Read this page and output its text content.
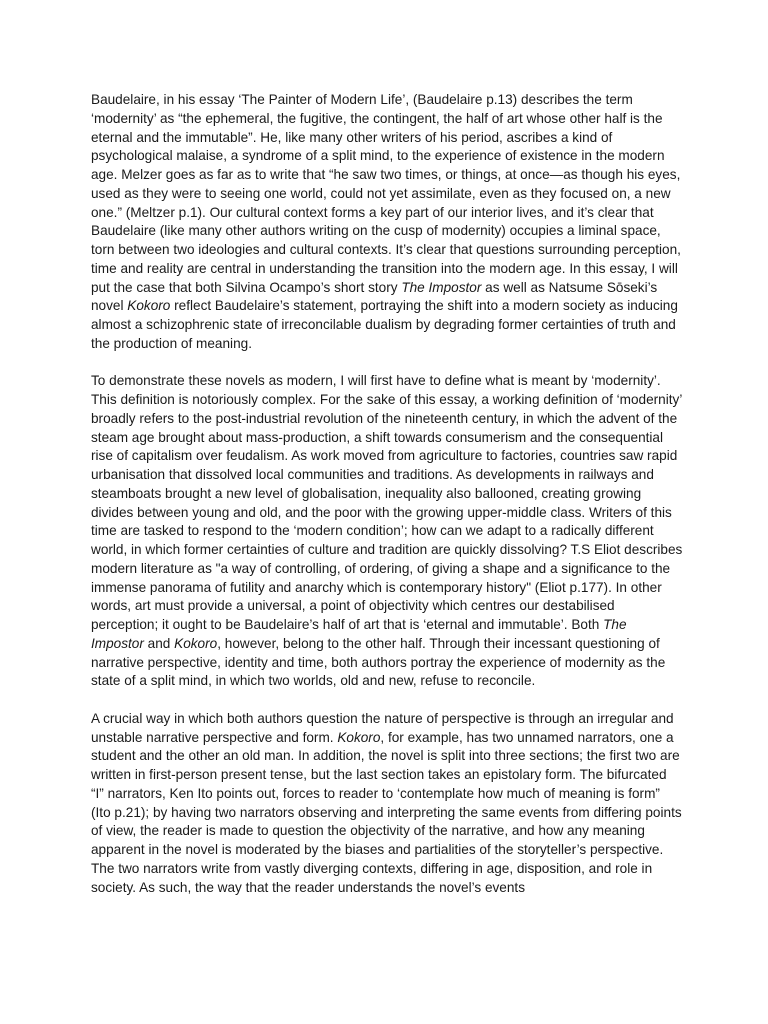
Baudelaire, in his essay ‘The Painter of Modern Life’, (Baudelaire p.13) describes the term ‘modernity’ as “the ephemeral, the fugitive, the contingent, the half of art whose other half is the eternal and the immutable”. He, like many other writers of his period, ascribes a kind of psychological malaise, a syndrome of a split mind, to the experience of existence in the modern age. Melzer goes as far as to write that “he saw two times, or things, at once—as though his eyes, used as they were to seeing one world, could not yet assimilate, even as they focused on, a new one.” (Meltzer p.1). Our cultural context forms a key part of our interior lives, and it’s clear that Baudelaire (like many other authors writing on the cusp of modernity) occupies a liminal space, torn between two ideologies and cultural contexts. It’s clear that questions surrounding perception, time and reality are central in understanding the transition into the modern age. In this essay, I will put the case that both Silvina Ocampo’s short story The Impostor as well as Natsume Sōseki’s novel Kokoro reflect Baudelaire’s statement, portraying the shift into a modern society as inducing almost a schizophrenic state of irreconcilable dualism by degrading former certainties of truth and the production of meaning.

To demonstrate these novels as modern, I will first have to define what is meant by ‘modernity’. This definition is notoriously complex. For the sake of this essay, a working definition of ‘modernity’ broadly refers to the post-industrial revolution of the nineteenth century, in which the advent of the steam age brought about mass-production, a shift towards consumerism and the consequential rise of capitalism over feudalism. As work moved from agriculture to factories, countries saw rapid urbanisation that dissolved local communities and traditions. As developments in railways and steamboats brought a new level of globalisation, inequality also ballooned, creating growing divides between young and old, and the poor with the growing upper-middle class. Writers of this time are tasked to respond to the ‘modern condition’; how can we adapt to a radically different world, in which former certainties of culture and tradition are quickly dissolving? T.S Eliot describes modern literature as "a way of controlling, of ordering, of giving a shape and a significance to the immense panorama of futility and anarchy which is contemporary history" (Eliot p.177). In other words, art must provide a universal, a point of objectivity which centres our destabilised perception; it ought to be Baudelaire’s half of art that is ‘eternal and immutable’. Both The Impostor and Kokoro, however, belong to the other half. Through their incessant questioning of narrative perspective, identity and time, both authors portray the experience of modernity as the state of a split mind, in which two worlds, old and new, refuse to reconcile.

A crucial way in which both authors question the nature of perspective is through an irregular and unstable narrative perspective and form. Kokoro, for example, has two unnamed narrators, one a student and the other an old man. In addition, the novel is split into three sections; the first two are written in first-person present tense, but the last section takes an epistolary form. The bifurcated “I” narrators, Ken Ito points out, forces to reader to ‘contemplate how much of meaning is form” (Ito p.21); by having two narrators observing and interpreting the same events from differing points of view, the reader is made to question the objectivity of the narrative, and how any meaning apparent in the novel is moderated by the biases and partialities of the storyteller’s perspective. The two narrators write from vastly diverging contexts, differing in age, disposition, and role in society. As such, the way that the reader understands the novel’s events
